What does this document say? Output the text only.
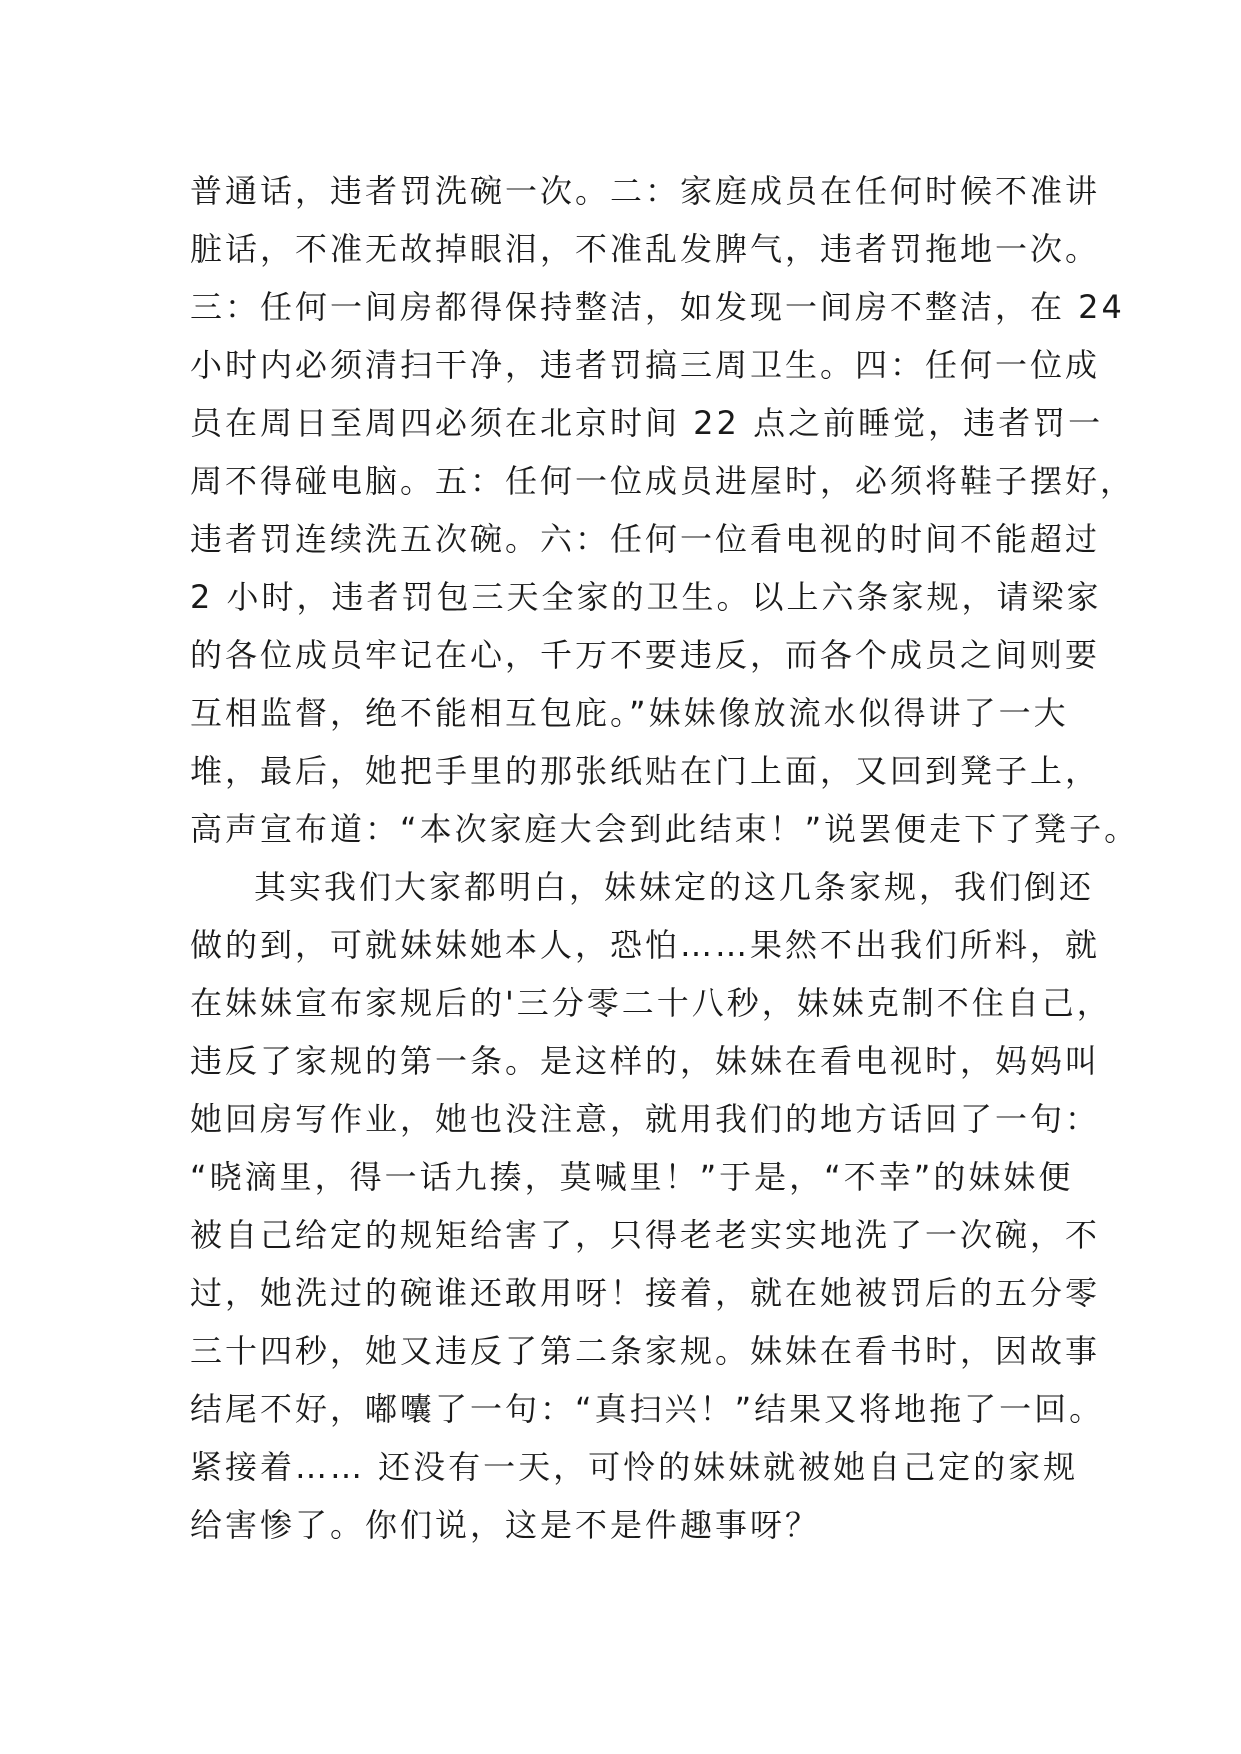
普通话，违者罚洗碗一次。二：家庭成员在任何时候不准讲
脏话，不准无故掉眼泪，不准乱发脾气，违者罚拖地一次。
三：任何一间房都得保持整洁，如发现一间房不整洁，在 24
小时内必须清扫干净，违者罚搞三周卫生。四：任何一位成
员在周日至周四必须在北京时间 22 点之前睡觉，违者罚一
周不得碰电脑。五：任何一位成员进屋时，必须将鞋子摆好，
违者罚连续洗五次碗。六：任何一位看电视的时间不能超过
2 小时，违者罚包三天全家的卫生。以上六条家规，请梁家
的各位成员牢记在心，千万不要违反，而各个成员之间则要
互相监督，绝不能相互包庇。”妹妹像放流水似得讲了一大
堆，最后，她把手里的那张纸贴在门上面，又回到凳子上，
高声宣布道：“本次家庭大会到此结束！”说罢便走下了凳子。
其实我们大家都明白，妹妹定的这几条家规，我们倒还
做的到，可就妹妹她本人，恐怕……果然不出我们所料，就
在妹妹宣布家规后的'三分零二十八秒，妹妹克制不住自己，
违反了家规的第一条。是这样的，妹妹在看电视时，妈妈叫
她回房写作业，她也没注意，就用我们的地方话回了一句：
“晓滴里，得一话九揍，莫喊里！”于是，“不幸”的妹妹便
被自己给定的规矩给害了，只得老老实实地洗了一次碗，不
过，她洗过的碗谁还敢用呀！接着，就在她被罚后的五分零
三十四秒，她又违反了第二条家规。妹妹在看书时，因故事
结尾不好，嘟囔了一句：“真扫兴！”结果又将地拖了一回。
紧接着…… 还没有一天，可怜的妹妹就被她自己定的家规
给害惨了。你们说，这是不是件趣事呀？
